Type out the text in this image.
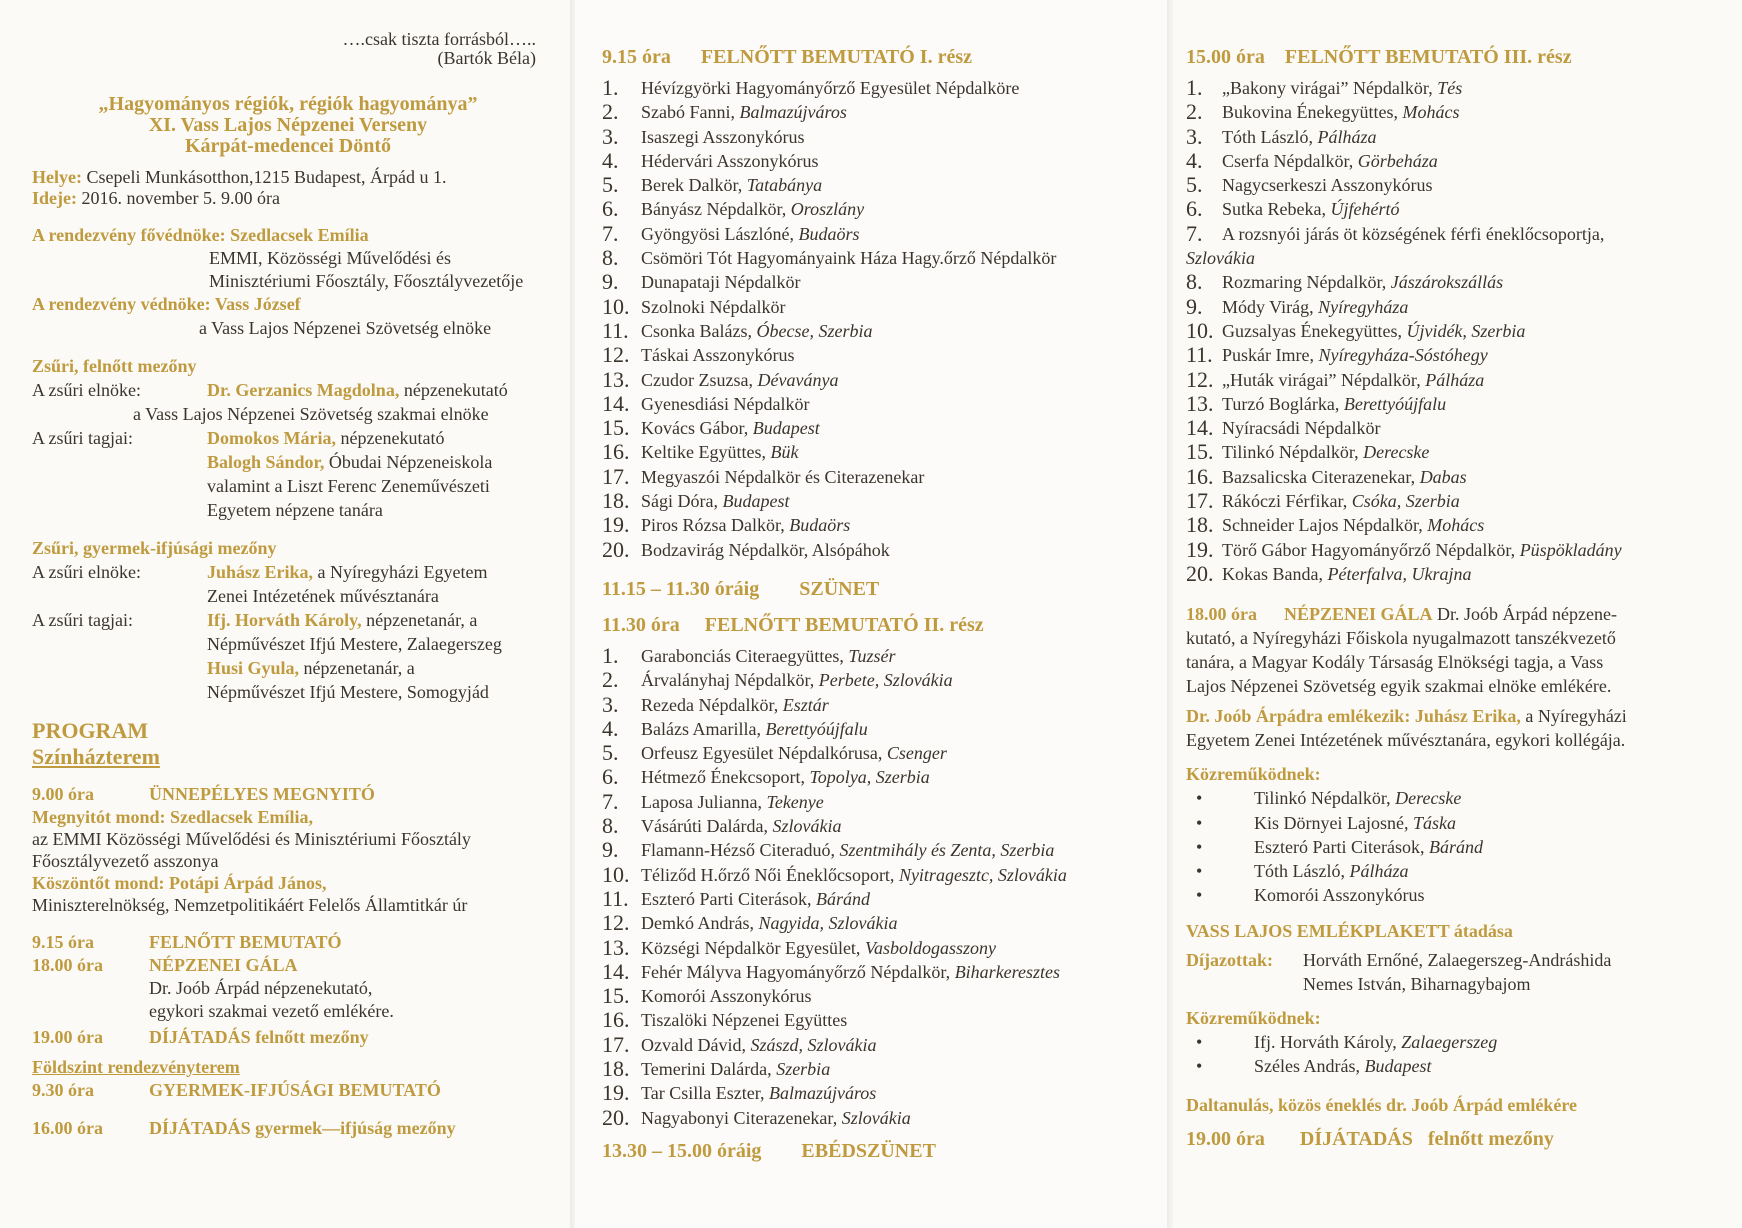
….csak tiszta forrásból…..
(Bartók Béla)
„Hagyományos régiók, régiók hagyománya”
XI. Vass Lajos Népzenei Verseny
Kárpát-medencei Döntő
Helye: Csepeli Munkásotthon,1215 Budapest, Árpád u 1.
Ideje: 2016. november 5. 9.00 óra
A rendezvény fővédnöke: Szedlacsek Emília
EMMI, Közösségi Művelődési és
Minisztériumi Főosztály, Főosztályvezetője
A rendezvény védnöke: Vass József
a Vass Lajos Népzenei Szövetség elnöke
Zsűri, felnőtt mezőny
A zsűri elnöke:	Dr. Gerzanics Magdolna, népzenekutató
a Vass Lajos Népzenei Szövetség szakmai elnöke
A zsűri tagjai:	Domokos Mária, népzenekutató
Balogh Sándor, Óbudai Népzeneiskola
valamint a Liszt Ferenc Zeneművészeti
Egyetem népzene tanára
Zsűri, gyermek-ifjúsági mezőny
A zsűri elnöke:	Juhász Erika, a Nyíregyházi Egyetem
Zenei Intézetének művésztanára
A zsűri tagjai:	Ifj. Horváth Károly, népzenetanár, a
Népművészet Ifjú Mestere, Zalaegerszeg
Husi Gyula, népzenetanár, a
Népművészet Ifjú Mestere, Somogyjád
PROGRAM
Színházterem
9.00 óra	ÜNNEPÉLYES MEGNYITÓ
Megnyitót mond: Szedlacsek Emília,
az EMMI Közösségi Művelődési és Minisztériumi Főosztály
Főosztályvezető asszonya
Köszöntőt mond: Potápi Árpád János,
Miniszterelnökség, Nemzetpolitikáért Felelős Államtitkár úr
9.15 óra	FELNŐTT BEMUTATÓ
18.00 óra	NÉPZENEI GÁLA
Dr. Joób Árpád népzenekutató,
egykori szakmai vezető emlékére.
19.00 óra	DÍJÁTADÁS felnőtt mezőny
Földszint rendezvényterem
9.30 óra	GYERMEK-IFJÚSÁGI BEMUTATÓ
16.00 óra	DÍJÁTADÁS gyermek—ifjúság mezőny
9.15 óra      FELNŐTT BEMUTATÓ I. rész
1.	Hévízgyörki Hagyományőrző Egyesület Népdalköre
2.	Szabó Fanni, Balmazújváros
3.	Isaszegi Asszonykórus
4.	Hédervári Asszonykórus
5.	Berek Dalkör, Tatabánya
6.	Bányász Népdalkör, Oroszlány
7.	Gyöngyösi Lászlóné, Budaörs
8.	Csömöri Tót Hagyományaink Háza Hagy.őrző Népdalkör
9.	Dunapataji Népdalkör
10. Szolnoki Népdalkör
11. Csonka Balázs, Óbecse, Szerbia
12. Táskai Asszonykórus
13. Czudor Zsuzsa, Dévaványa
14. Gyenesdiási Népdalkör
15. Kovács Gábor, Budapest
16. Keltike Együttes, Bük
17. Megyaszói Népdalkör és Citerazenekar
18. Sági Dóra, Budapest
19. Piros Rózsa Dalkör, Budaörs
20. Bodzavirág Népdalkör, Alsópáhok
11.15 – 11.30 óráig        SZÜNET
11.30 óra     FELNŐTT BEMUTATÓ II. rész
1.	Garabonciás Citeraegyüttes, Tuzsér
2.	Árvalányhaj Népdalkör, Perbete, Szlovákia
3.	Rezeda Népdalkör, Esztár
4.	Balázs Amarilla, Berettyóújfalu
5.	Orfeusz Egyesület Népdalkórusa, Csenger
6.	Hétmező Énekcsoport, Topolya, Szerbia
7.	Laposa Julianna, Tekenye
8.	Vásárúti Dalárda, Szlovákia
9.	Flamann-Hézső Citeraduó, Szentmihály és Zenta, Szerbia
10. Téliződ H.őrző Női Éneklőcsoport, Nyitragesztc, Szlovákia
11. Eszteró Parti Citerások, Báránd
12. Demkó András, Nagyida, Szlovákia
13. Községi Népdalkör Egyesület, Vasboldogasszony
14. Fehér Mályva Hagyományőrző Népdalkör, Biharkeresztes
15. Komorói Asszonykórus
16. Tiszalöki Népzenei Együttes
17. Ozvald Dávid, Szászd, Szlovákia
18. Temerini Dalárda, Szerbia
19. Tar Csilla Eszter, Balmazújváros
20. Nagyabonyi Citerazenekar, Szlovákia
13.30 – 15.00 óráig        EBÉDSZÜNET
15.00 óra    FELNŐTT BEMUTATÓ III. rész
1.	„Bakony virágai” Népdalkör, Tés
2.	Bukovina Énekegyüttes, Mohács
3.	Tóth László, Pálháza
4.	Cserfa Népdalkör, Görbeháza
5.	Nagycserkeszi Asszonykórus
6.	Sutka Rebeka, Újfehértó
7.	A rozsnyói járás öt községének férfi éneklőcsoportja,
Szlovákia
8.	Rozmaring Népdalkör, Jászárokszállás
9.	Módy Virág, Nyíregyháza
10. Guzsalyas Énekegyüttes, Újvidék, Szerbia
11. Puskár Imre, Nyíregyháza-Sóstóhegy
12. „Huták virágai” Népdalkör, Pálháza
13. Turzó Boglárka, Berettyóújfalu
14. Nyíracsádi Népdalkör
15. Tilinkó Népdalkör, Derecske
16. Bazsalicska Citerazenekar, Dabas
17. Rákóczi Férfikar, Csóka, Szerbia
18. Schneider Lajos Népdalkör, Mohács
19. Törő Gábor Hagyományőrző Népdalkör, Püspökladány
20. Kokas Banda, Péterfalva, Ukrajna
18.00 óra      NÉPZENEI GÁLA Dr. Joób Árpád népzene-
kutató, a Nyíregyházi Főiskola nyugalmazott tanszékvezető
tanára, a Magyar Kodály Társaság Elnökségi tagja, a Vass
Lajos Népzenei Szövetség egyik szakmai elnöke emlékére.
Dr. Joób Árpádra emlékezik: Juhász Erika, a Nyíregyházi
Egyetem Zenei Intézetének művésztanára, egykori kollégája.
Közreműködnek:
•	Tilinkó Népdalkör, Derecske
•	Kis Dörnyei Lajosné, Táska
•	Eszteró Parti Citerások, Báránd
•	Tóth László, Pálháza
•	Komorói Asszonykórus
VASS LAJOS EMLÉKPLAKETT átadása
Díjazottak:	Horváth Ernőné, Zalaegerszeg-Andráshida
Nemes István, Biharnagybajom
Közreműködnek:
•	Ifj. Horváth Károly, Zalaegerszeg
•	Széles András, Budapest
Daltanulás, közös éneklés dr. Joób Árpád emlékére
19.00 óra       DÍJÁTADÁS   felnőtt mezőny
